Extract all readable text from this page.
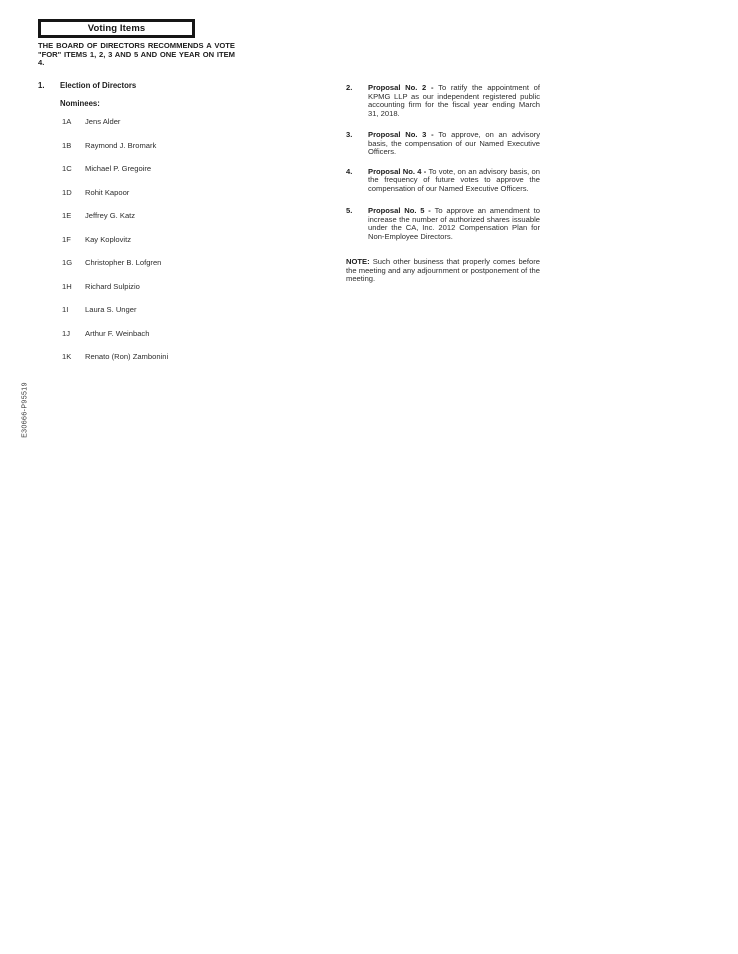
Voting Items

THE BOARD OF DIRECTORS RECOMMENDS A VOTE "FOR" ITEMS 1, 2, 3 AND 5 AND ONE YEAR ON ITEM 4.

1.	Election of Directors
Nominees:
1A	Jens Alder
1B	Raymond J. Bromark
1C	Michael P. Gregoire
1D	Rohit Kapoor
1E	Jeffrey G. Katz
1F	Kay Koplovitz
1G	Christopher B. Lofgren
1H	Richard Sulpizio
1I	Laura S. Unger
1J	Arthur F. Weinbach
1K	Renato (Ron) Zambonini
2.	Proposal No. 2 - To ratify the appointment of KPMG LLP as our independent registered public accounting firm for the fiscal year ending March 31, 2018.

3.	Proposal No. 3 - To approve, on an advisory basis, the compensation of our Named Executive Officers.

4.	Proposal No. 4 - To vote, on an advisory basis, on the frequency of future votes to approve the compensation of our Named Executive Officers.

5.	Proposal No. 5 - To approve an amendment to increase the number of authorized shares issuable under the CA, Inc. 2012 Compensation Plan for Non-Employee Directors.

NOTE: Such other business that properly comes before the meeting and any adjournment or postponement of the meeting.

E30666-P95519
